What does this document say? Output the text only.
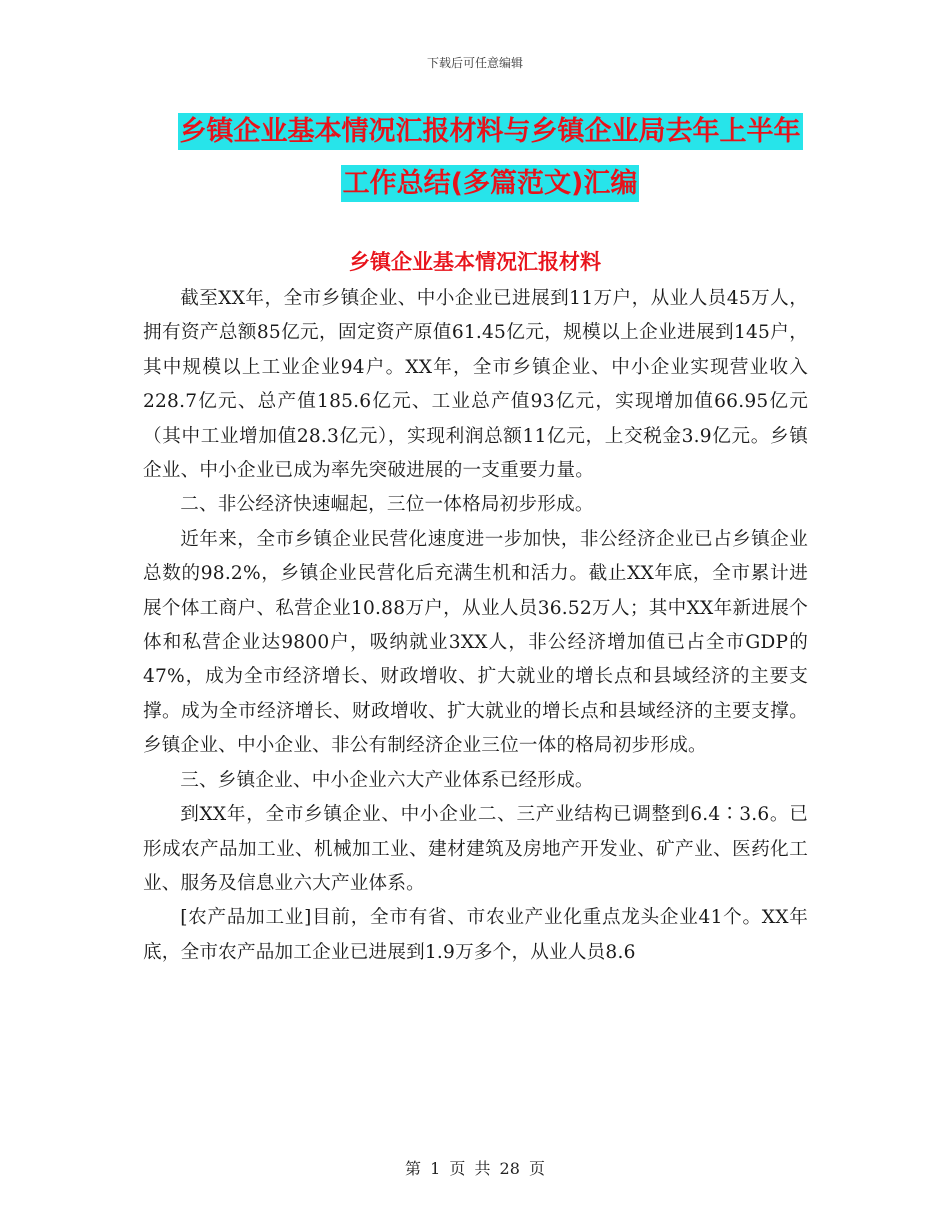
下载后可任意编辑
乡镇企业基本情况汇报材料与乡镇企业局去年上半年
工作总结(多篇范文)汇编
乡镇企业基本情况汇报材料

截至XX年，全市乡镇企业、中小企业已进展到11万户，从业人员45万人，拥有资产总额85亿元，固定资产原值61.45亿元，规模以上企业进展到145户，其中规模以上工业企业94户。XX年，全市乡镇企业、中小企业实现营业收入228.7亿元、总产值185.6亿元、工业总产值93亿元，实现增加值66.95亿元（其中工业增加值28.3亿元），实现利润总额11亿元，上交税金3.9亿元。乡镇企业、中小企业已成为率先突破进展的一支重要力量。

二、非公经济快速崛起，三位一体格局初步形成。

近年来，全市乡镇企业民营化速度进一步加快，非公经济企业已占乡镇企业总数的98.2%，乡镇企业民营化后充满生机和活力。截止XX年底，全市累计进展个体工商户、私营企业10.88万户，从业人员36.52万人；其中XX年新进展个体和私营企业达9800户，吸纳就业3XX人，非公经济增加值已占全市GDP的47%，成为全市经济增长、财政增收、扩大就业的增长点和县域经济的主要支撑。成为全市经济增长、财政增收、扩大就业的增长点和县域经济的主要支撑。乡镇企业、中小企业、非公有制经济企业三位一体的格局初步形成。

三、乡镇企业、中小企业六大产业体系已经形成。

到XX年，全市乡镇企业、中小企业二、三产业结构已调整到6.4∶3.6。已形成农产品加工业、机械加工业、建材建筑及房地产开发业、矿产业、医药化工业、服务及信息业六大产业体系。

[农产品加工业]目前，全市有省、市农业产业化重点龙头企业41个。XX年底，全市农产品加工企业已进展到1.9万多个，从业人员8.6

第 1 页 共 28 页
